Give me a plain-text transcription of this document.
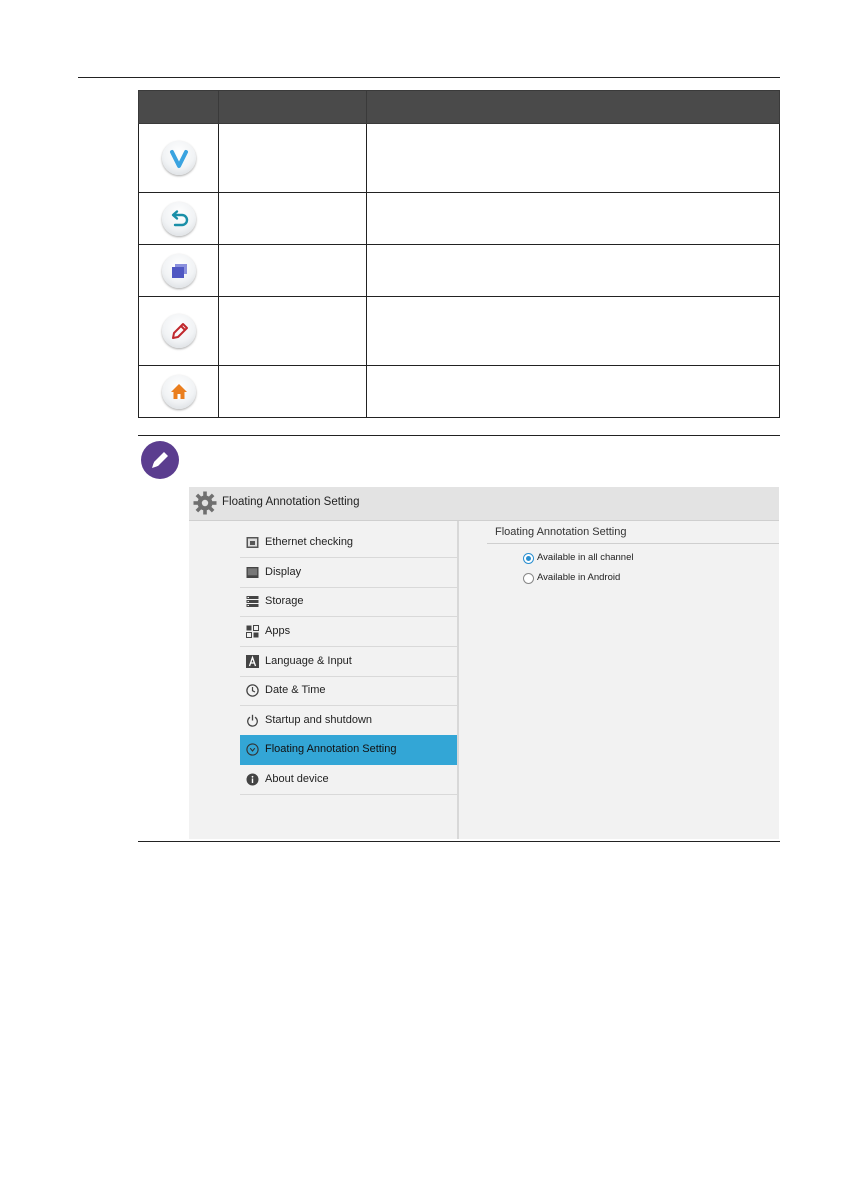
Floating Annotation Setting
Ethernet checking
Display
Storage
Apps
Language & Input
Date & Time
Startup and shutdown
Floating Annotation Setting
About device
Floating Annotation Setting
Available in all channel
Available in Android
